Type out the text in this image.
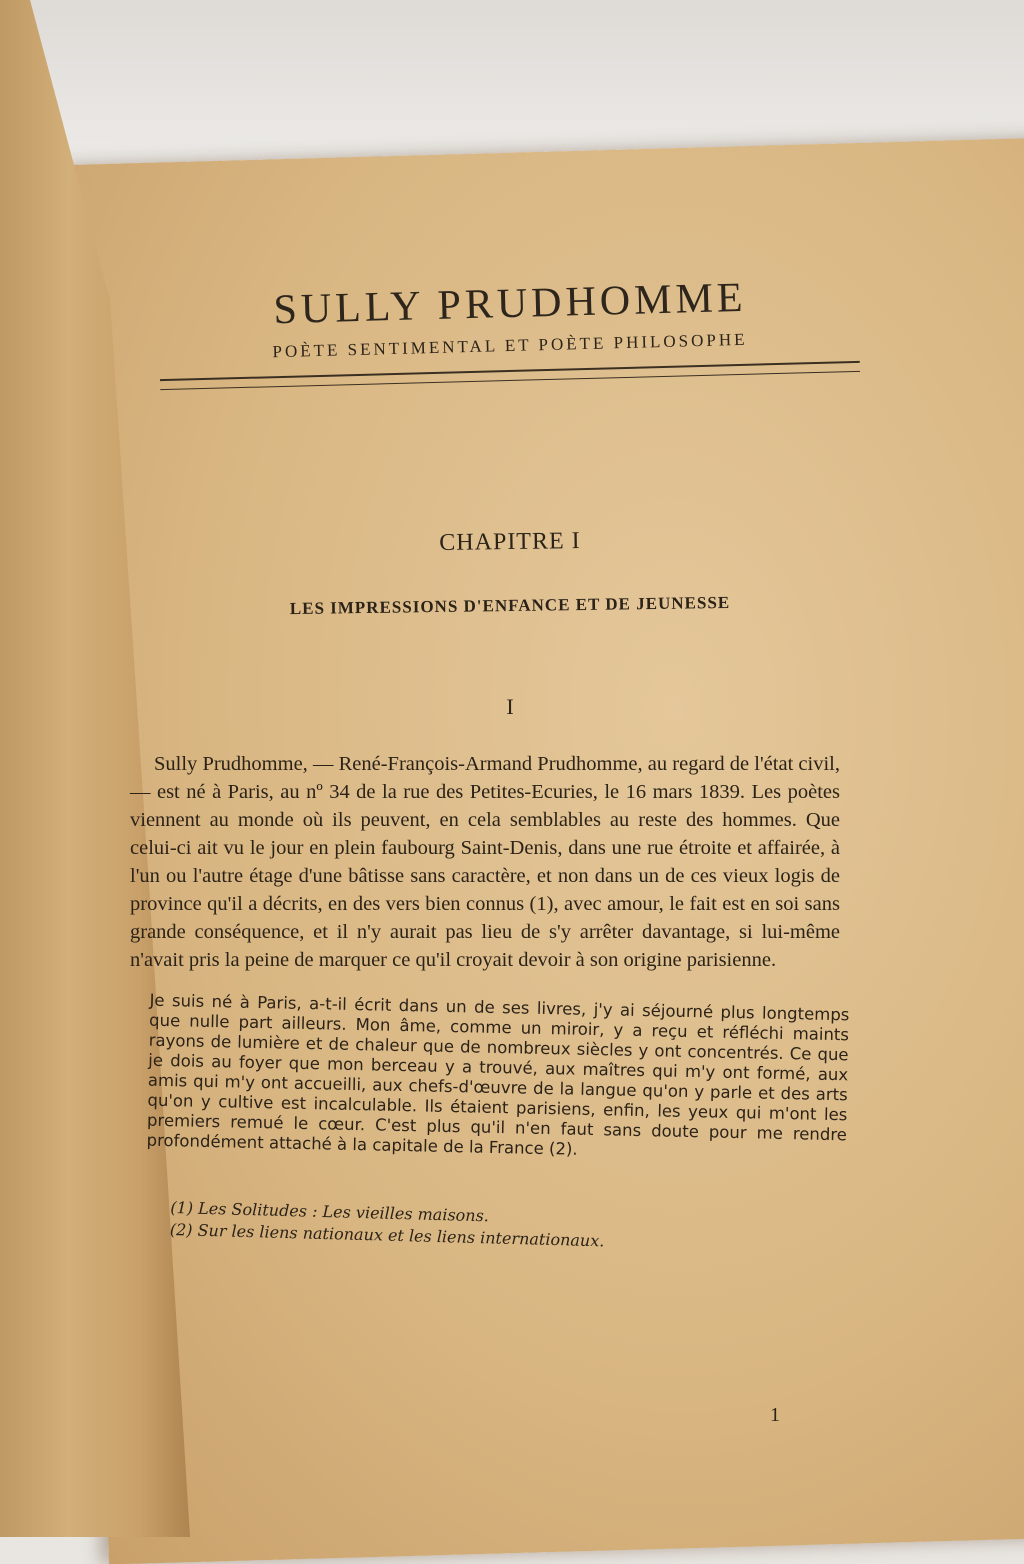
SULLY PRUDHOMME
POÈTE SENTIMENTAL ET POÈTE PHILOSOPHE
CHAPITRE I
LES IMPRESSIONS D'ENFANCE ET DE JEUNESSE
I

Sully Prudhomme, — René-François-Armand Prudhomme, au regard de l'état civil, — est né à Paris, au nº 34 de la rue des Petites-Ecuries, le 16 mars 1839. Les poètes viennent au monde où ils peuvent, en cela semblables au reste des hommes. Que celui-ci ait vu le jour en plein faubourg Saint-Denis, dans une rue étroite et affairée, à l'un ou l'autre étage d'une bâtisse sans caractère, et non dans un de ces vieux logis de province qu'il a décrits, en des vers bien connus (1), avec amour, le fait est en soi sans grande conséquence, et il n'y aurait pas lieu de s'y arrêter davantage, si lui-même n'avait pris la peine de marquer ce qu'il croyait devoir à son origine parisienne.

Je suis né à Paris, a-t-il écrit dans un de ses livres, j'y ai séjourné plus longtemps que nulle part ailleurs. Mon âme, comme un miroir, y a reçu et réfléchi maints rayons de lumière et de chaleur que de nombreux siècles y ont concentrés. Ce que je dois au foyer que mon berceau y a trouvé, aux maîtres qui m'y ont formé, aux amis qui m'y ont accueilli, aux chefs-d'œuvre de la langue qu'on y parle et des arts qu'on y cultive est incalculable. Ils étaient parisiens, enfin, les yeux qui m'ont les premiers remué le cœur. C'est plus qu'il n'en faut sans doute pour me rendre profondément attaché à la capitale de la France (2).

(1) Les Solitudes : Les vieilles maisons.
(2) Sur les liens nationaux et les liens internationaux.
1
